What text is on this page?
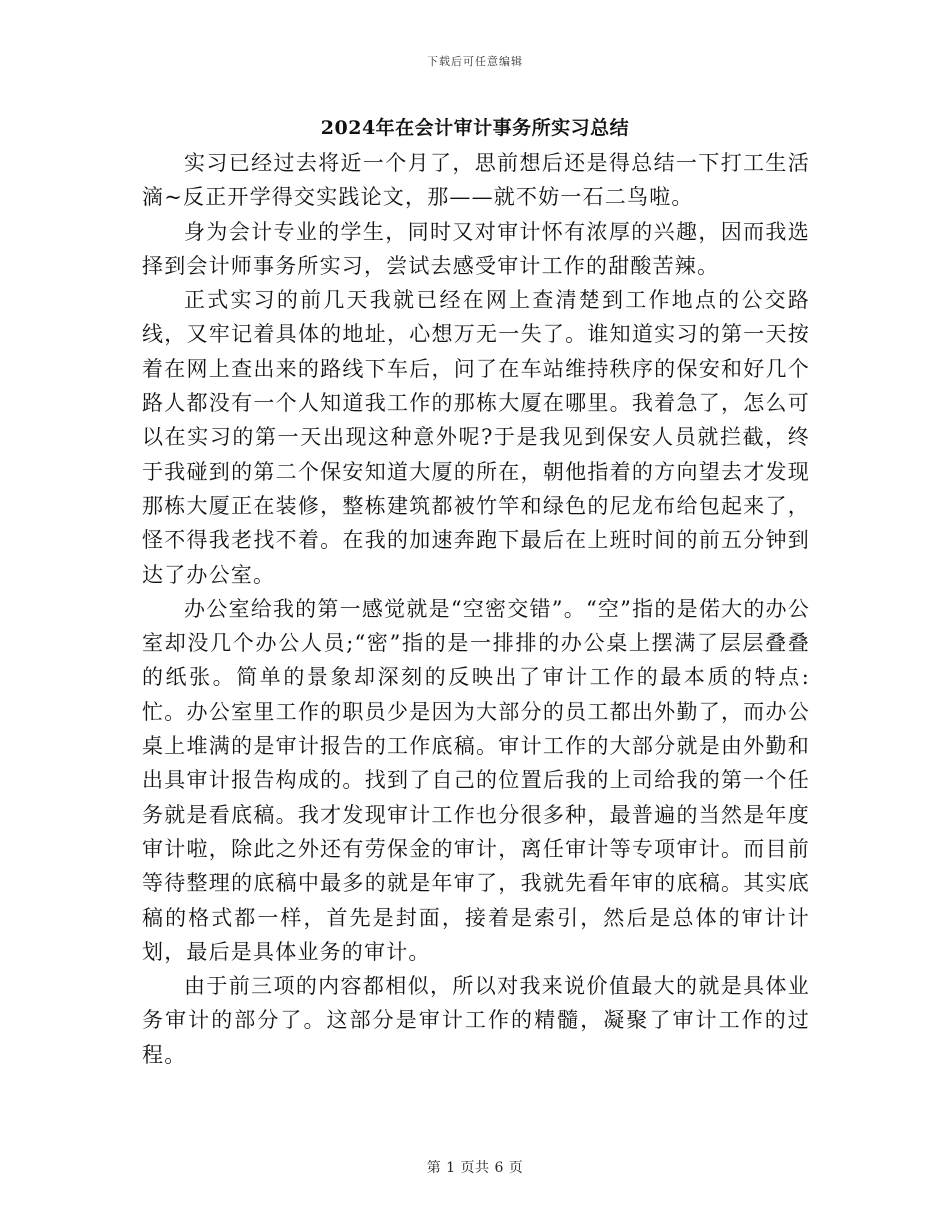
下载后可任意编辑
2024年在会计审计事务所实习总结

实习已经过去将近一个月了，思前想后还是得总结一下打工生活滴~反正开学得交实践论文，那——就不妨一石二鸟啦。

身为会计专业的学生，同时又对审计怀有浓厚的兴趣，因而我选择到会计师事务所实习，尝试去感受审计工作的甜酸苦辣。

正式实习的前几天我就已经在网上查清楚到工作地点的公交路线，又牢记着具体的地址，心想万无一失了。谁知道实习的第一天按着在网上查出来的路线下车后，问了在车站维持秩序的保安和好几个路人都没有一个人知道我工作的那栋大厦在哪里。我着急了，怎么可以在实习的第一天出现这种意外呢?于是我见到保安人员就拦截，终于我碰到的第二个保安知道大厦的所在，朝他指着的方向望去才发现那栋大厦正在装修，整栋建筑都被竹竿和绿色的尼龙布给包起来了，怪不得我老找不着。在我的加速奔跑下最后在上班时间的前五分钟到达了办公室。

办公室给我的第一感觉就是“空密交错”。“空”指的是偌大的办公室却没几个办公人员;“密”指的是一排排的办公桌上摆满了层层叠叠的纸张。简单的景象却深刻的反映出了审计工作的最本质的特点:忙。办公室里工作的职员少是因为大部分的员工都出外勤了，而办公桌上堆满的是审计报告的工作底稿。审计工作的大部分就是由外勤和出具审计报告构成的。找到了自己的位置后我的上司给我的第一个任务就是看底稿。我才发现审计工作也分很多种，最普遍的当然是年度审计啦，除此之外还有劳保金的审计，离任审计等专项审计。而目前等待整理的底稿中最多的就是年审了，我就先看年审的底稿。其实底稿的格式都一样，首先是封面，接着是索引，然后是总体的审计计划，最后是具体业务的审计。

由于前三项的内容都相似，所以对我来说价值最大的就是具体业务审计的部分了。这部分是审计工作的精髓，凝聚了审计工作的过程。

第 1 页共 6 页
